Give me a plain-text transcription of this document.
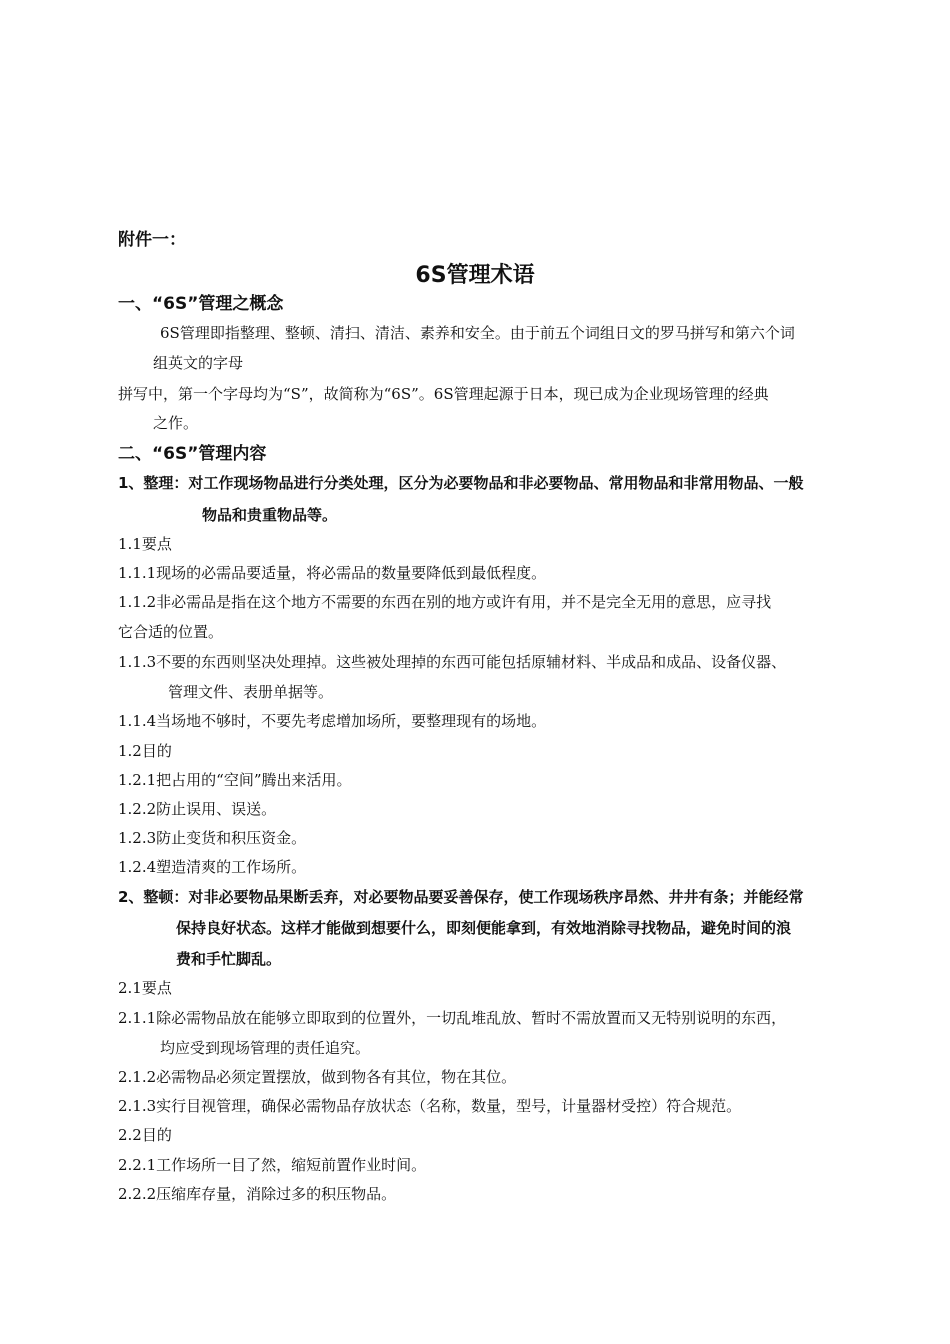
附件一：
6S管理术语
一、“6S”管理之概念
6S管理即指整理、整顿、清扫、清洁、素养和安全。由于前五个词组日文的罗马拼写和第六个词
组英文的字母
拼写中，第一个字母均为“S”，故简称为“6S”。6S管理起源于日本，现已成为企业现场管理的经典
之作。
二、“6S”管理内容
1、整理：对工作现场物品进行分类处理，区分为必要物品和非必要物品、常用物品和非常用物品、一般
物品和贵重物品等。
1.1要点
1.1.1现场的必需品要适量，将必需品的数量要降低到最低程度。
1.1.2非必需品是指在这个地方不需要的东西在别的地方或许有用，并不是完全无用的意思，应寻找
它合适的位置。
1.1.3不要的东西则坚决处理掉。这些被处理掉的东西可能包括原辅材料、半成品和成品、设备仪器、
管理文件、表册单据等。
1.1.4当场地不够时，不要先考虑增加场所，要整理现有的场地。
1.2目的
1.2.1把占用的“空间”腾出来活用。
1.2.2防止误用、误送。
1.2.3防止变货和积压资金。
1.2.4塑造清爽的工作场所。
2、整顿：对非必要物品果断丢弃，对必要物品要妥善保存，使工作现场秩序昂然、井井有条；并能经常
保持良好状态。这样才能做到想要什么，即刻便能拿到，有效地消除寻找物品，避免时间的浪
费和手忙脚乱。
2.1要点
2.1.1除必需物品放在能够立即取到的位置外，一切乱堆乱放、暂时不需放置而又无特别说明的东西，
均应受到现场管理的责任追究。
2.1.2必需物品必须定置摆放，做到物各有其位，物在其位。
2.1.3实行目视管理，确保必需物品存放状态（名称，数量，型号，计量器材受控）符合规范。
2.2目的
2.2.1工作场所一目了然，缩短前置作业时间。
2.2.2压缩库存量，消除过多的积压物品。
